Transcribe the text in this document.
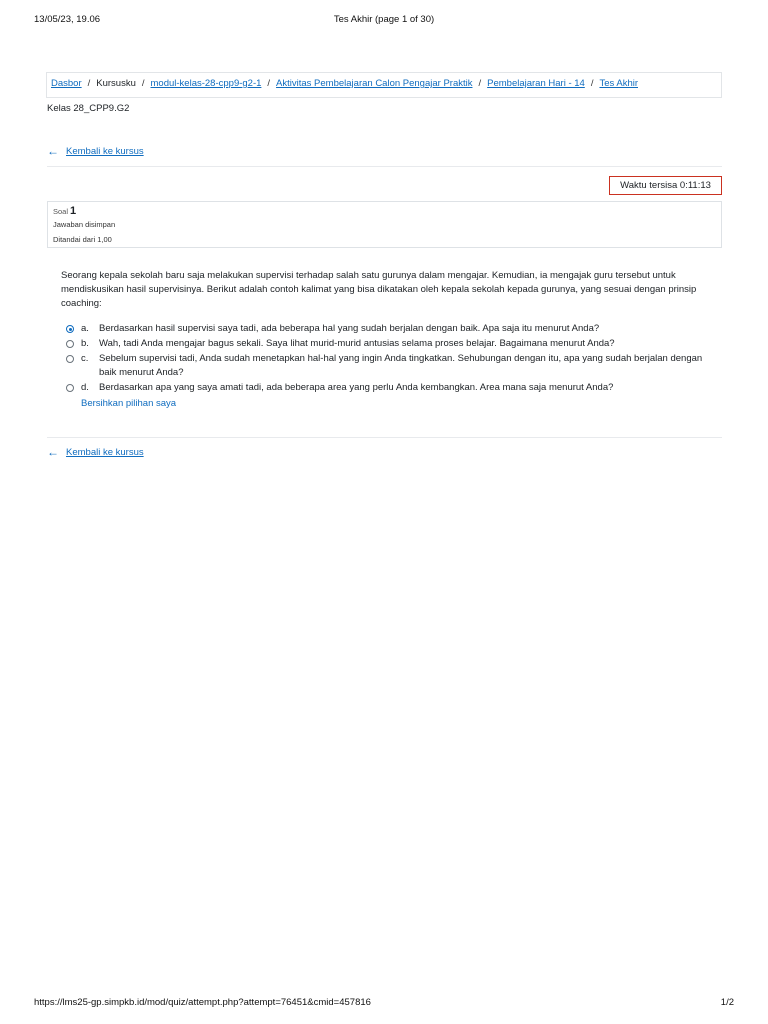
13/05/23, 19.06	Tes Akhir (page 1 of 30)
Dasbor / Kursusku / modul-kelas-28-cpp9-g2-1 / Aktivitas Pembelajaran Calon Pengajar Praktik / Pembelajaran Hari - 14 / Tes Akhir
Kelas 28_CPP9.G2
← Kembali ke kursus
Waktu tersisa 0:11:13
Soal 1
Jawaban disimpan
Ditandai dari 1,00
Seorang kepala sekolah baru saja melakukan supervisi terhadap salah satu gurunya dalam mengajar. Kemudian, ia mengajak guru tersebut untuk mendiskusikan hasil supervisinya. Berikut adalah contoh kalimat yang bisa dikatakan oleh kepala sekolah kepada gurunya, yang sesuai dengan prinsip coaching:
a.	Berdasarkan hasil supervisi saya tadi, ada beberapa hal yang sudah berjalan dengan baik. Apa saja itu menurut Anda?
b.	Wah, tadi Anda mengajar bagus sekali. Saya lihat murid-murid antusias selama proses belajar. Bagaimana menurut Anda?
c.	Sebelum supervisi tadi, Anda sudah menetapkan hal-hal yang ingin Anda tingkatkan. Sehubungan dengan itu, apa yang sudah berjalan dengan baik menurut Anda?
d.	Berdasarkan apa yang saya amati tadi, ada beberapa area yang perlu Anda kembangkan. Area mana saja menurut Anda?
Bersihkan pilihan saya
← Kembali ke kursus
https://lms25-gp.simpkb.id/mod/quiz/attempt.php?attempt=76451&cmid=457816	1/2
